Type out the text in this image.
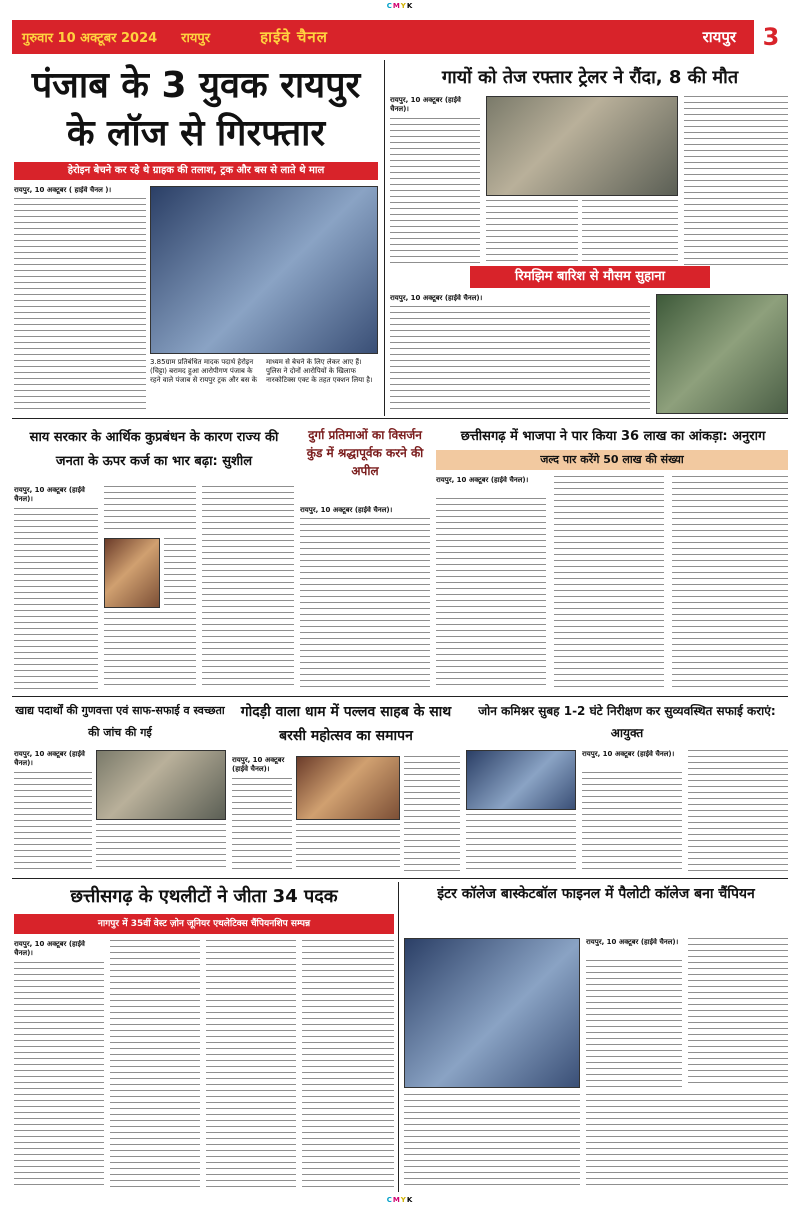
CMYK
गुरुवार 10 अक्टूबर 2024 रायपुर	हाईवे चैनल	रायपुर	3
पंजाब के 3 युवक रायपुर के लॉज से गिरफ्तार
हेरोइन बेचने कर रहे थे ग्राहक की तलाश, ट्रक और बस से लाते थे माल
रायपुर, 10 अक्टूबर ( हाईवे चैनल )।
3.85ग्राम प्रतिबंधित मादक पदार्थ हेरोइन (चिट्टा) बरामद हुआ आरोपीगण पंजाब के रहने वाले पंजाब से रायपुर ट्रक और बस के
माध्यम से बेचने के लिए लेकर आए हैं। पुलिस ने दोनों आरोपियों के खिलाफ नारकोटिक्स एक्ट के तहत एक्शन लिया है।
गायों को तेज रफ्तार ट्रेलर ने रौंदा, 8 की मौत
रायपुर, 10 अक्टूबर (हाईवे चैनल)।
रिमझिम बारिश से मौसम सुहाना
रायपुर, 10 अक्टूबर (हाईवे चैनल)।
साय सरकार के आर्थिक कुप्रबंधन के कारण राज्य की जनता के ऊपर कर्ज का भार बढ़ा: सुशील
रायपुर, 10 अक्टूबर (हाईवे चैनल)।
दुर्गा प्रतिमाओं का विसर्जन कुंड में श्रद्धापूर्वक करने की अपील
रायपुर, 10 अक्टूबर (हाईवे चैनल)।
छत्तीसगढ़ में भाजपा ने पार किया 36 लाख का आंकड़ा: अनुराग
जल्द पार करेंगे 50 लाख की संख्या
रायपुर, 10 अक्टूबर (हाईवे चैनल)।
खाद्य पदार्थों की गुणवत्ता एवं साफ-सफाई व स्वच्छता की जांच की गई
रायपुर, 10 अक्टूबर (हाईवे चैनल)।
गोदड़ी वाला धाम में पल्लव साहब के साथ बरसी महोत्सव का समापन
रायपुर, 10 अक्टूबर (हाईवे चैनल)।
जोन कमिश्नर सुबह 1-2 घंटे निरीक्षण कर सुव्यवस्थित सफाई कराएं: आयुक्त
रायपुर, 10 अक्टूबर (हाईवे चैनल)।
छत्तीसगढ़ के एथलीटों ने जीता 34 पदक
नागपुर में 35वीं वेस्ट ज़ोन जूनियर एथलेटिक्स चैंपियनशिप सम्पन्न
रायपुर, 10 अक्टूबर (हाईवे चैनल)।
इंटर कॉलेज बास्केटबॉल फाइनल में पैलोटी कॉलेज बना चैंपियन
रायपुर, 10 अक्टूबर (हाईवे चैनल)।
CMYK
